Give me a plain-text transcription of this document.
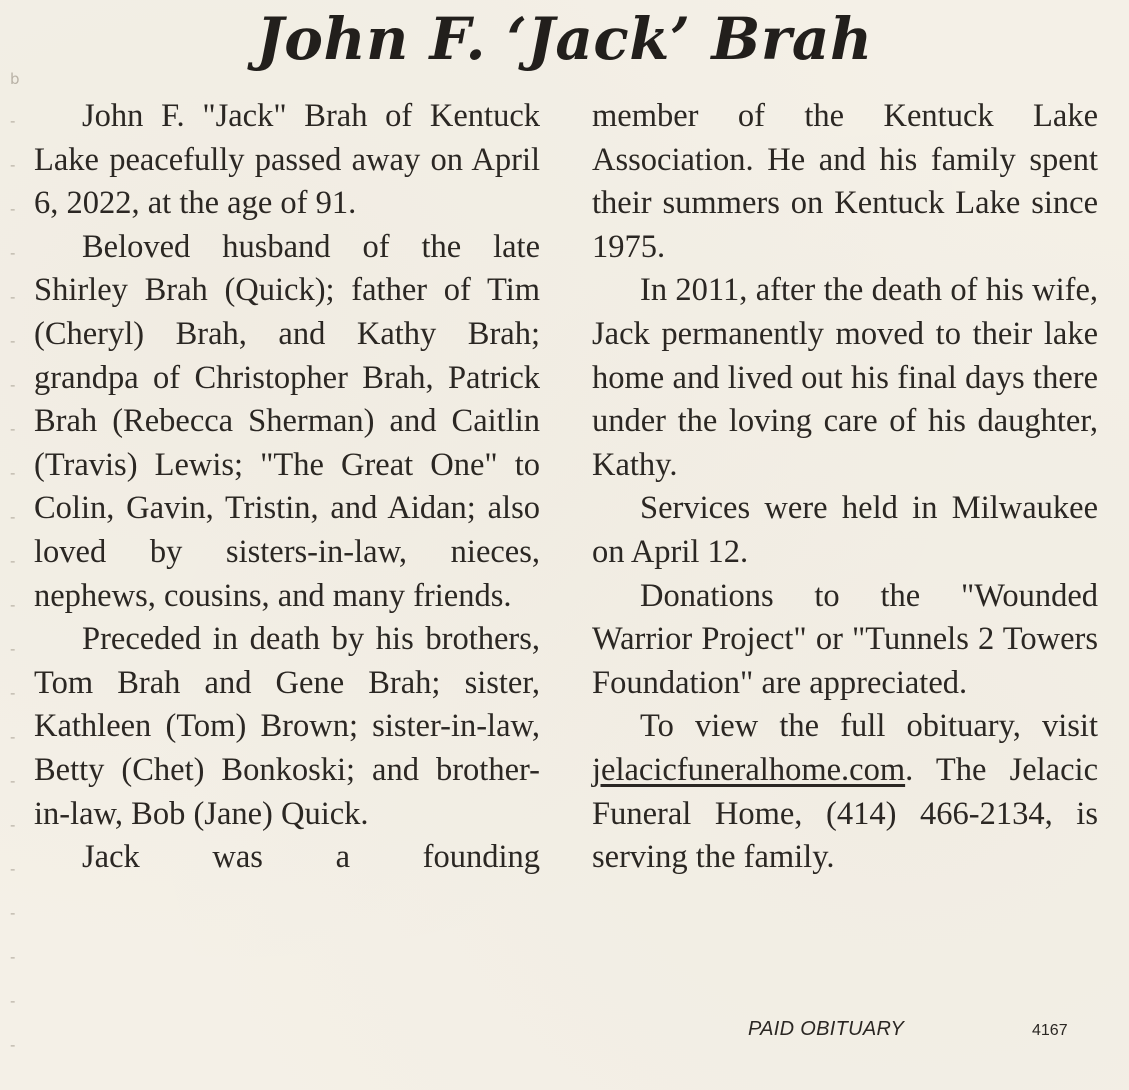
John F. ‘Jack’ Brah
b
-
-
-
-
-
-
-
-
-
-
-
-
-
-
-
-
-
-
-
-
-
-

John F. "Jack" Brah of Kentuck Lake peacefully passed away on April 6, 2022, at the age of 91.

Beloved husband of the late Shirley Brah (Quick); father of Tim (Cheryl) Brah, and Kathy Brah; grandpa of Christopher Brah, Patrick Brah (Rebecca Sherman) and Caitlin (Travis) Lewis; "The Great One" to Colin, Gavin, Tristin, and Aidan; also loved by sisters-in-law, nieces, nephews, cousins, and many friends.

Preceded in death by his brothers, Tom Brah and Gene Brah; sister, Kathleen (Tom) Brown; sister-in-law, Betty (Chet) Bonkoski; and brother-in-law, Bob (Jane) Quick.

Jack was a founding

member of the Kentuck Lake Association. He and his family spent their summers on Kentuck Lake since 1975.

In 2011, after the death of his wife, Jack permanently moved to their lake home and lived out his final days there under the loving care of his daughter, Kathy.

Services were held in Milwaukee on April 12.

Donations to the "Wounded Warrior Project" or "Tunnels 2 Towers Foundation" are appreciated.

To view the full obituary, visit jelacicfuneralhome.com. The Jelacic Funeral Home, (414) 466-2134, is serving the family.

PAID OBITUARY	4167
